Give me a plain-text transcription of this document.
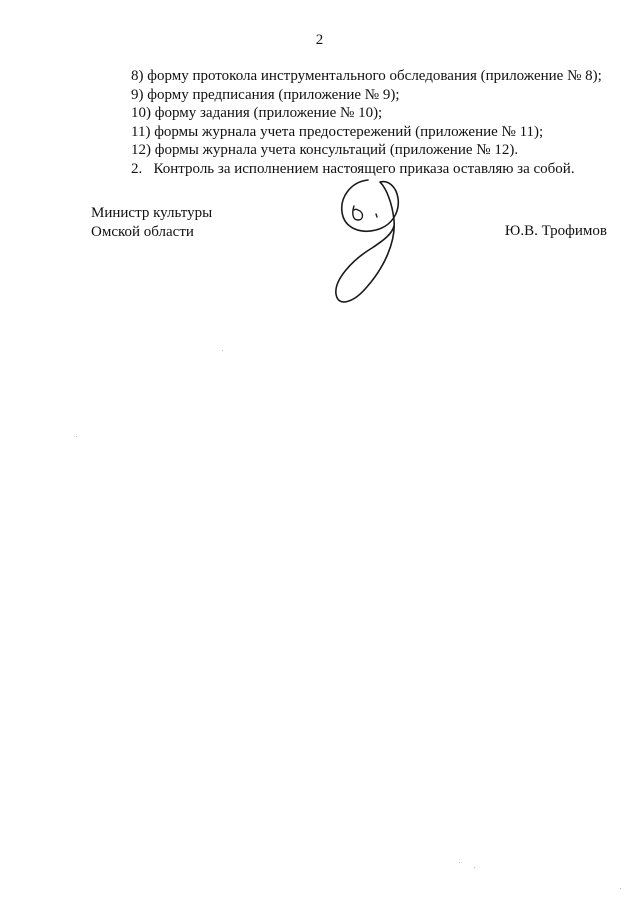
2
8) форму протокола инструментального обследования (приложение № 8);
9) форму предписания (приложение № 9);
10) форму задания (приложение № 10);
11) формы журнала учета предостережений (приложение № 11);
12) формы журнала учета консультаций (приложение № 12).
2.   Контроль за исполнением настоящего приказа оставляю за собой.
Министр культуры
Омской области	Ю.В. Трофимов
